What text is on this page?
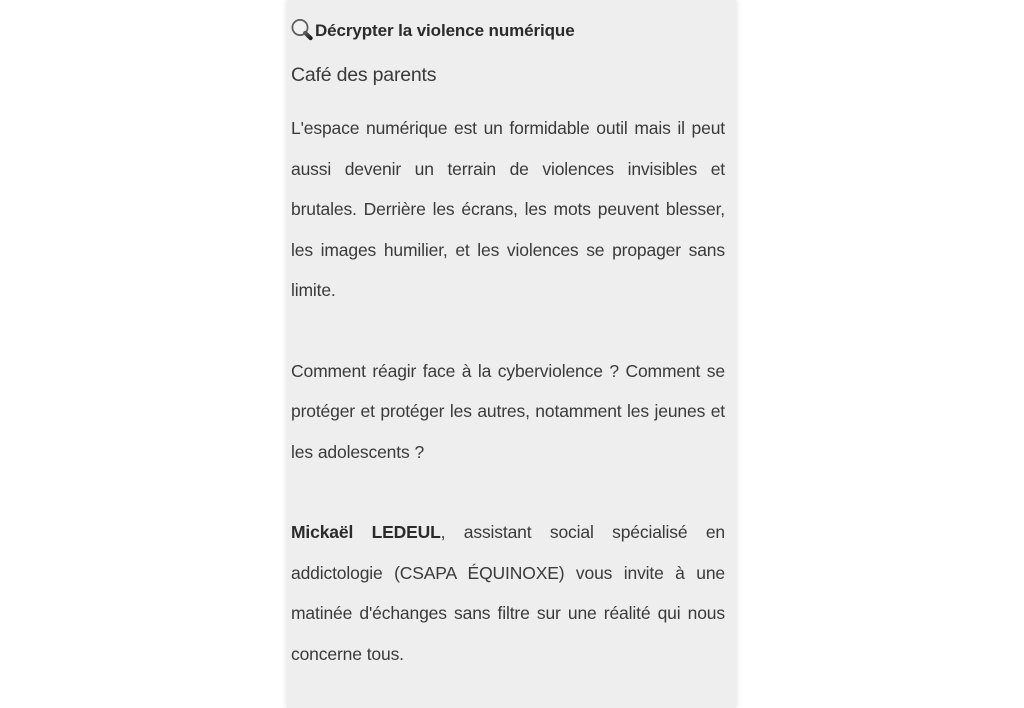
Décrypter la violence numérique
Café des parents

L'espace numérique est un formidable outil mais il peut aussi devenir un terrain de violences invisibles et brutales. Derrière les écrans, les mots peuvent blesser, les images humilier, et les violences se propager sans limite.

Comment réagir face à la cyberviolence ? Comment se protéger et protéger les autres, notamment les jeunes et les adolescents ?

Mickaël LEDEUL, assistant social spécialisé en addictologie (CSAPA ÉQUINOXE) vous invite à une matinée d'échanges sans filtre sur une réalité qui nous concerne tous.
